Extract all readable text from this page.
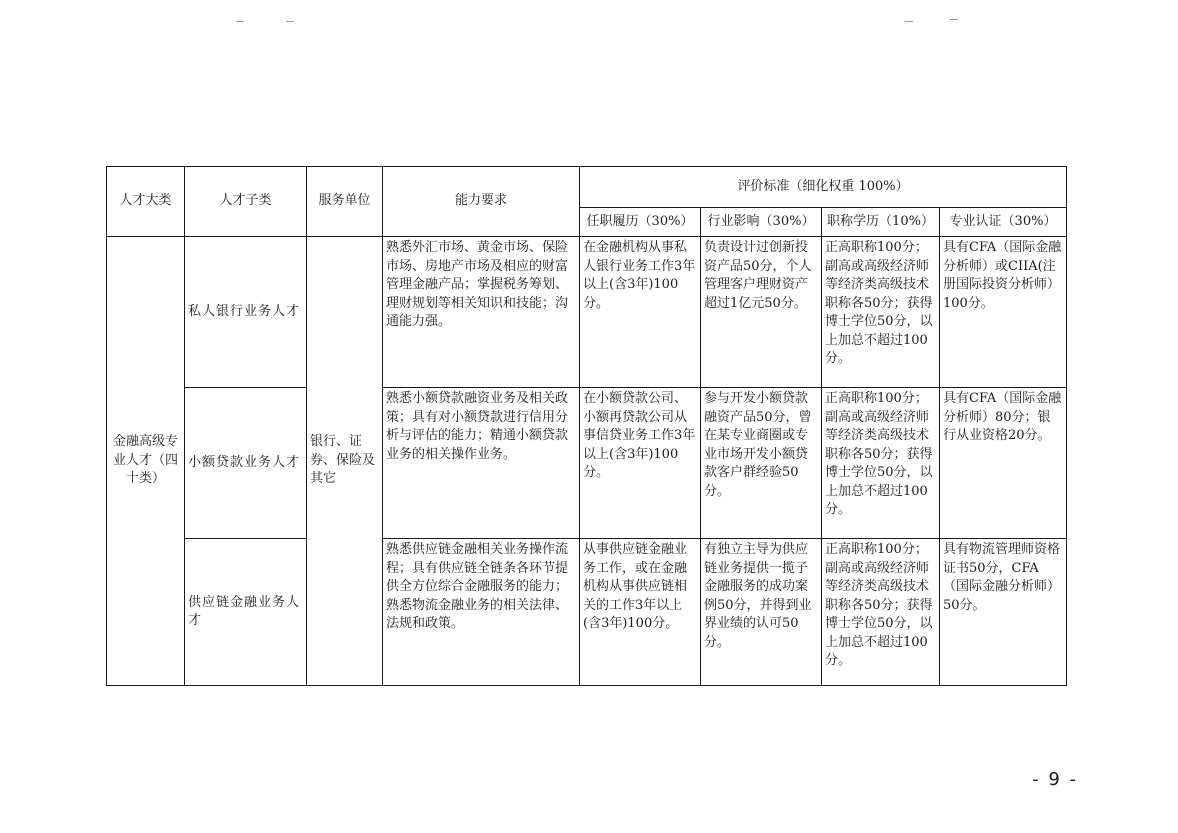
人才大类	人才子类	服务单位	能力要求	评价标准（细化权重 100%）			
				任职履历（30%）	行业影响（30%）	职称学历（10%）	专业认证（30%）
金融高级专业人才（四十类）	私人银行业务人才	银行、证券、保险及其它	熟悉外汇市场、黄金市场、保险市场、房地产市场及相应的财富管理金融产品；掌握税务筹划、理财规划等相关知识和技能；沟通能力强。	在金融机构从事私人银行业务工作3年以上(含3年)100分。	负责设计过创新投资产品50分，个人管理客户理财资产超过1亿元50分。	正高职称100分；副高或高级经济师等经济类高级技术职称各50分；获得博士学位50分，以上加总不超过100分。	具有CFA（国际金融分析师）或CIIA(注册国际投资分析师）100分。
	小额贷款业务人才		熟悉小额贷款融资业务及相关政策；具有对小额贷款进行信用分析与评估的能力；精通小额贷款业务的相关操作业务。	在小额贷款公司、小额再贷款公司从事信贷业务工作3年以上(含3年)100分。	参与开发小额贷款融资产品50分，曾在某专业商圈或专业市场开发小额贷款客户群经验50分。	正高职称100分；副高或高级经济师等经济类高级技术职称各50分；获得博士学位50分，以上加总不超过100分。	具有CFA（国际金融分析师）80分；银行从业资格20分。
	供应链金融业务人才		熟悉供应链金融相关业务操作流程；具有供应链全链条各环节提供全方位综合金融服务的能力；熟悉物流金融业务的相关法律、法规和政策。	从事供应链金融业务工作，或在金融机构从事供应链相关的工作3年以上(含3年)100分。	有独立主导为供应链业务提供一揽子金融服务的成功案例50分，并得到业界业绩的认可50分。	正高职称100分；副高或高级经济师等经济类高级技术职称各50分；获得博士学位50分，以上加总不超过100分。	具有物流管理师资格证书50分，CFA（国际金融分析师）50分。
- 9 -
